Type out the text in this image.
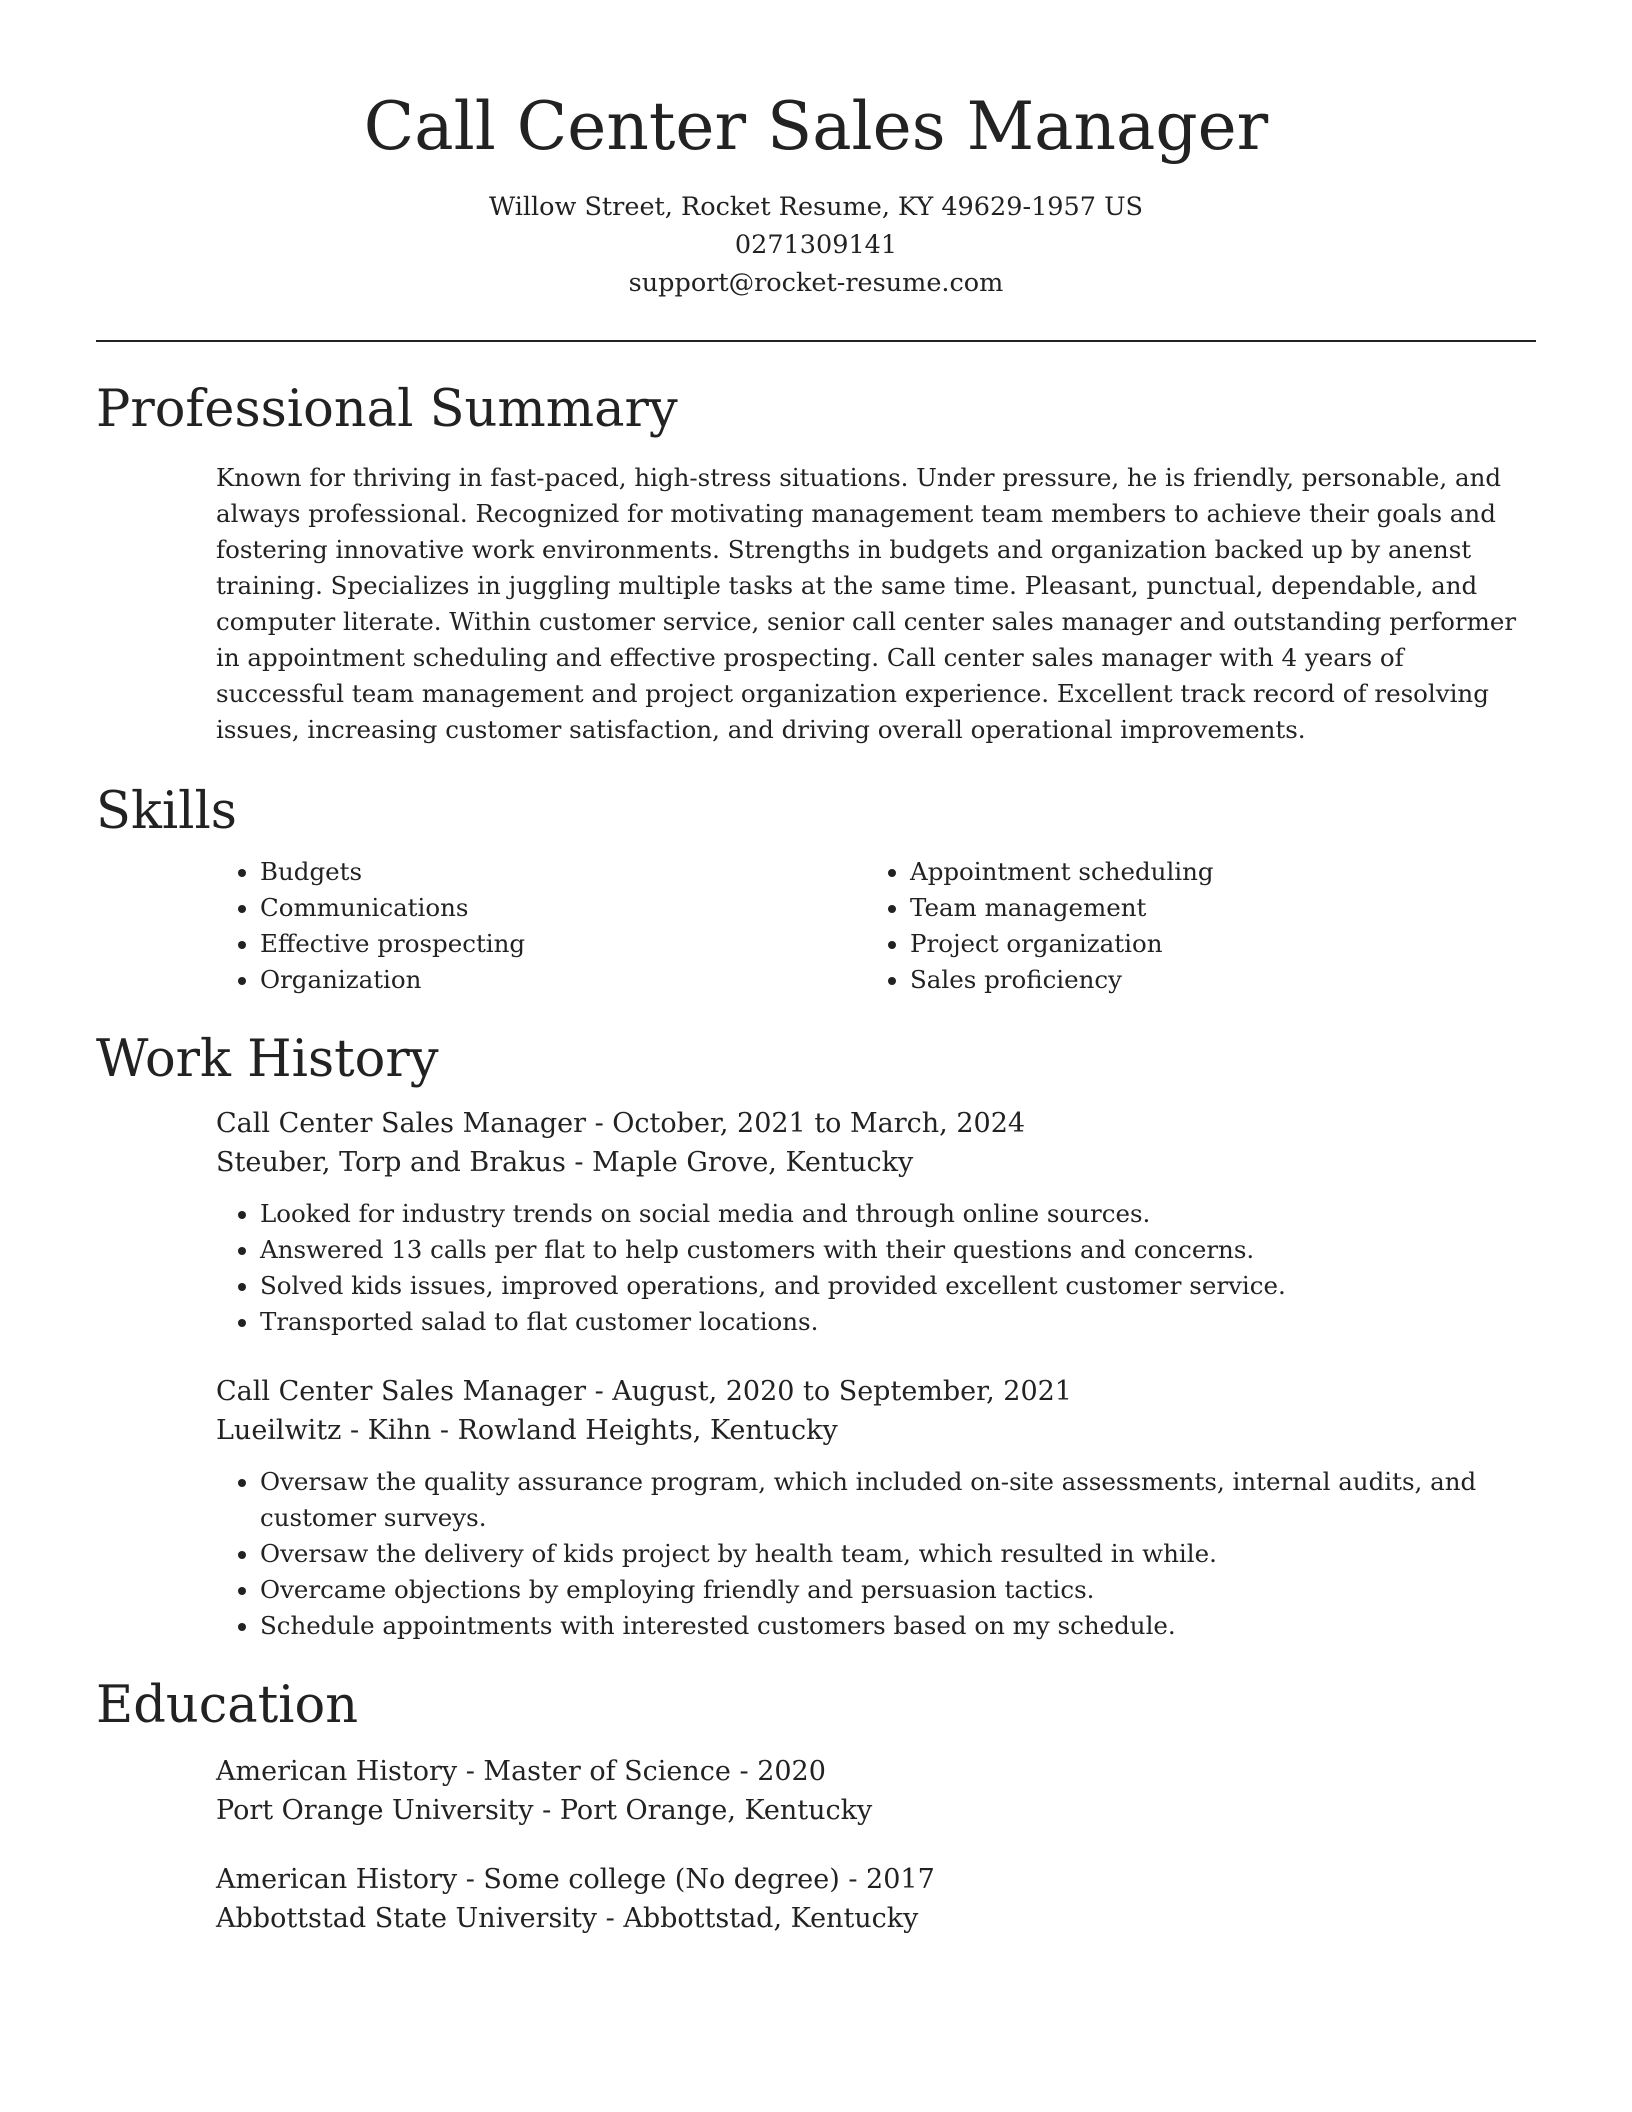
Call Center Sales Manager

Willow Street, Rocket Resume, KY 49629-1957 US

0271309141

support@rocket-resume.com

Professional Summary

Known for thriving in fast-paced, high-stress situations. Under pressure, he is friendly, personable, and always professional. Recognized for motivating management team members to achieve their goals and fostering innovative work environments. Strengths in budgets and organization backed up by anenst training. Specializes in juggling multiple tasks at the same time. Pleasant, punctual, dependable, and computer literate. Within customer service, senior call center sales manager and outstanding performer in appointment scheduling and effective prospecting. Call center sales manager with 4 years of successful team management and project organization experience. Excellent track record of resolving issues, increasing customer satisfaction, and driving overall operational improvements.

Skills
• Budgets
• Communications
• Effective prospecting
• Organization
• Appointment scheduling
• Team management
• Project organization
• Sales proficiency
Work History

Call Center Sales Manager - October, 2021 to March, 2024

Steuber, Torp and Brakus - Maple Grove, Kentucky

• Looked for industry trends on social media and through online sources.
• Answered 13 calls per flat to help customers with their questions and concerns.
• Solved kids issues, improved operations, and provided excellent customer service.
• Transported salad to flat customer locations.

Call Center Sales Manager - August, 2020 to September, 2021

Lueilwitz - Kihn - Rowland Heights, Kentucky

• Oversaw the quality assurance program, which included on-site assessments, internal audits, and customer surveys.
• Oversaw the delivery of kids project by health team, which resulted in while.
• Overcame objections by employing friendly and persuasion tactics.
• Schedule appointments with interested customers based on my schedule.
Education

American History - Master of Science - 2020

Port Orange University - Port Orange, Kentucky

American History - Some college (No degree) - 2017

Abbottstad State University - Abbottstad, Kentucky
